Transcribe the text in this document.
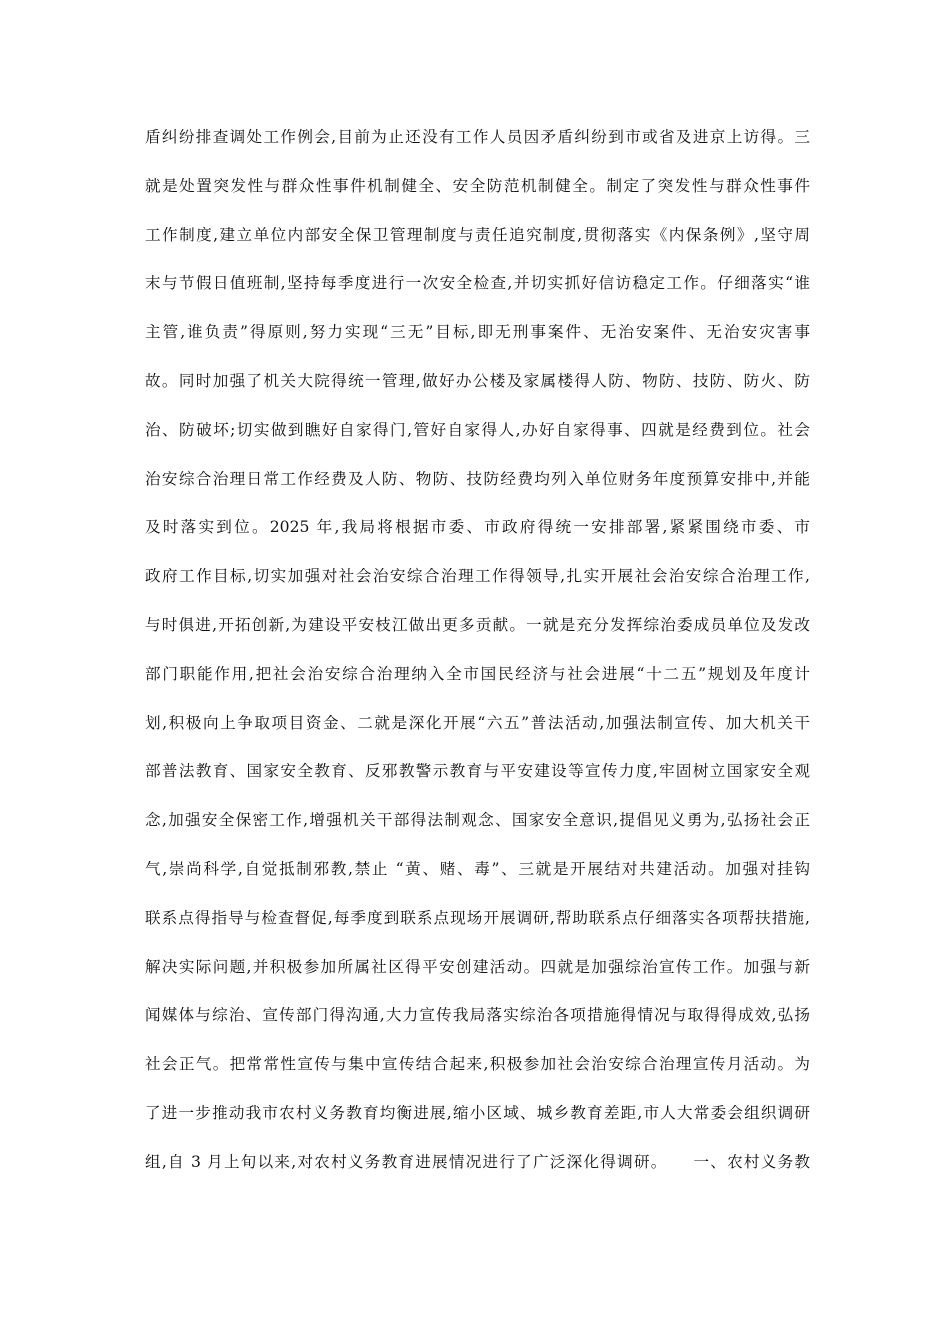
盾纠纷排查调处工作例会,目前为止还没有工作人员因矛盾纠纷到市或省及进京上访得。三
就是处置突发性与群众性事件机制健全、安全防范机制健全。制定了突发性与群众性事件
工作制度,建立单位内部安全保卫管理制度与责任追究制度,贯彻落实《内保条例》,坚守周
末与节假日值班制,坚持每季度进行一次安全检查,并切实抓好信访稳定工作。仔细落实“谁
主管,谁负责”得原则,努力实现“三无”目标,即无刑事案件、无治安案件、无治安灾害事
故。同时加强了机关大院得统一管理,做好办公楼及家属楼得人防、物防、技防、防火、防
治、防破坏;切实做到瞧好自家得门,管好自家得人,办好自家得事、四就是经费到位。社会
治安综合治理日常工作经费及人防、物防、技防经费均列入单位财务年度预算安排中,并能
及时落实到位。2025 年,我局将根据市委、市政府得统一安排部署,紧紧围绕市委、市
政府工作目标,切实加强对社会治安综合治理工作得领导,扎实开展社会治安综合治理工作,
与时俱进,开拓创新,为建设平安枝江做出更多贡献。一就是充分发挥综治委成员单位及发改
部门职能作用,把社会治安综合治理纳入全市国民经济与社会进展“十二五”规划及年度计
划,积极向上争取项目资金、二就是深化开展“六五”普法活动,加强法制宣传、加大机关干
部普法教育、国家安全教育、反邪教警示教育与平安建设等宣传力度,牢固树立国家安全观
念,加强安全保密工作,增强机关干部得法制观念、国家安全意识,提倡见义勇为,弘扬社会正
气,崇尚科学,自觉抵制邪教,禁止 “黄、赌、毒”、三就是开展结对共建活动。加强对挂钩
联系点得指导与检查督促,每季度到联系点现场开展调研,帮助联系点仔细落实各项帮扶措施,
解决实际问题,并积极参加所属社区得平安创建活动。四就是加强综治宣传工作。加强与新
闻媒体与综治、宣传部门得沟通,大力宣传我局落实综治各项措施得情况与取得得成效,弘扬
社会正气。把常常性宣传与集中宣传结合起来,积极参加社会治安综合治理宣传月活动。为
了进一步推动我市农村义务教育均衡进展,缩小区域、城乡教育差距,市人大常委会组织调研
组,自 3 月上旬以来,对农村义务教育进展情况进行了广泛深化得调研。　　一、农村义务教
